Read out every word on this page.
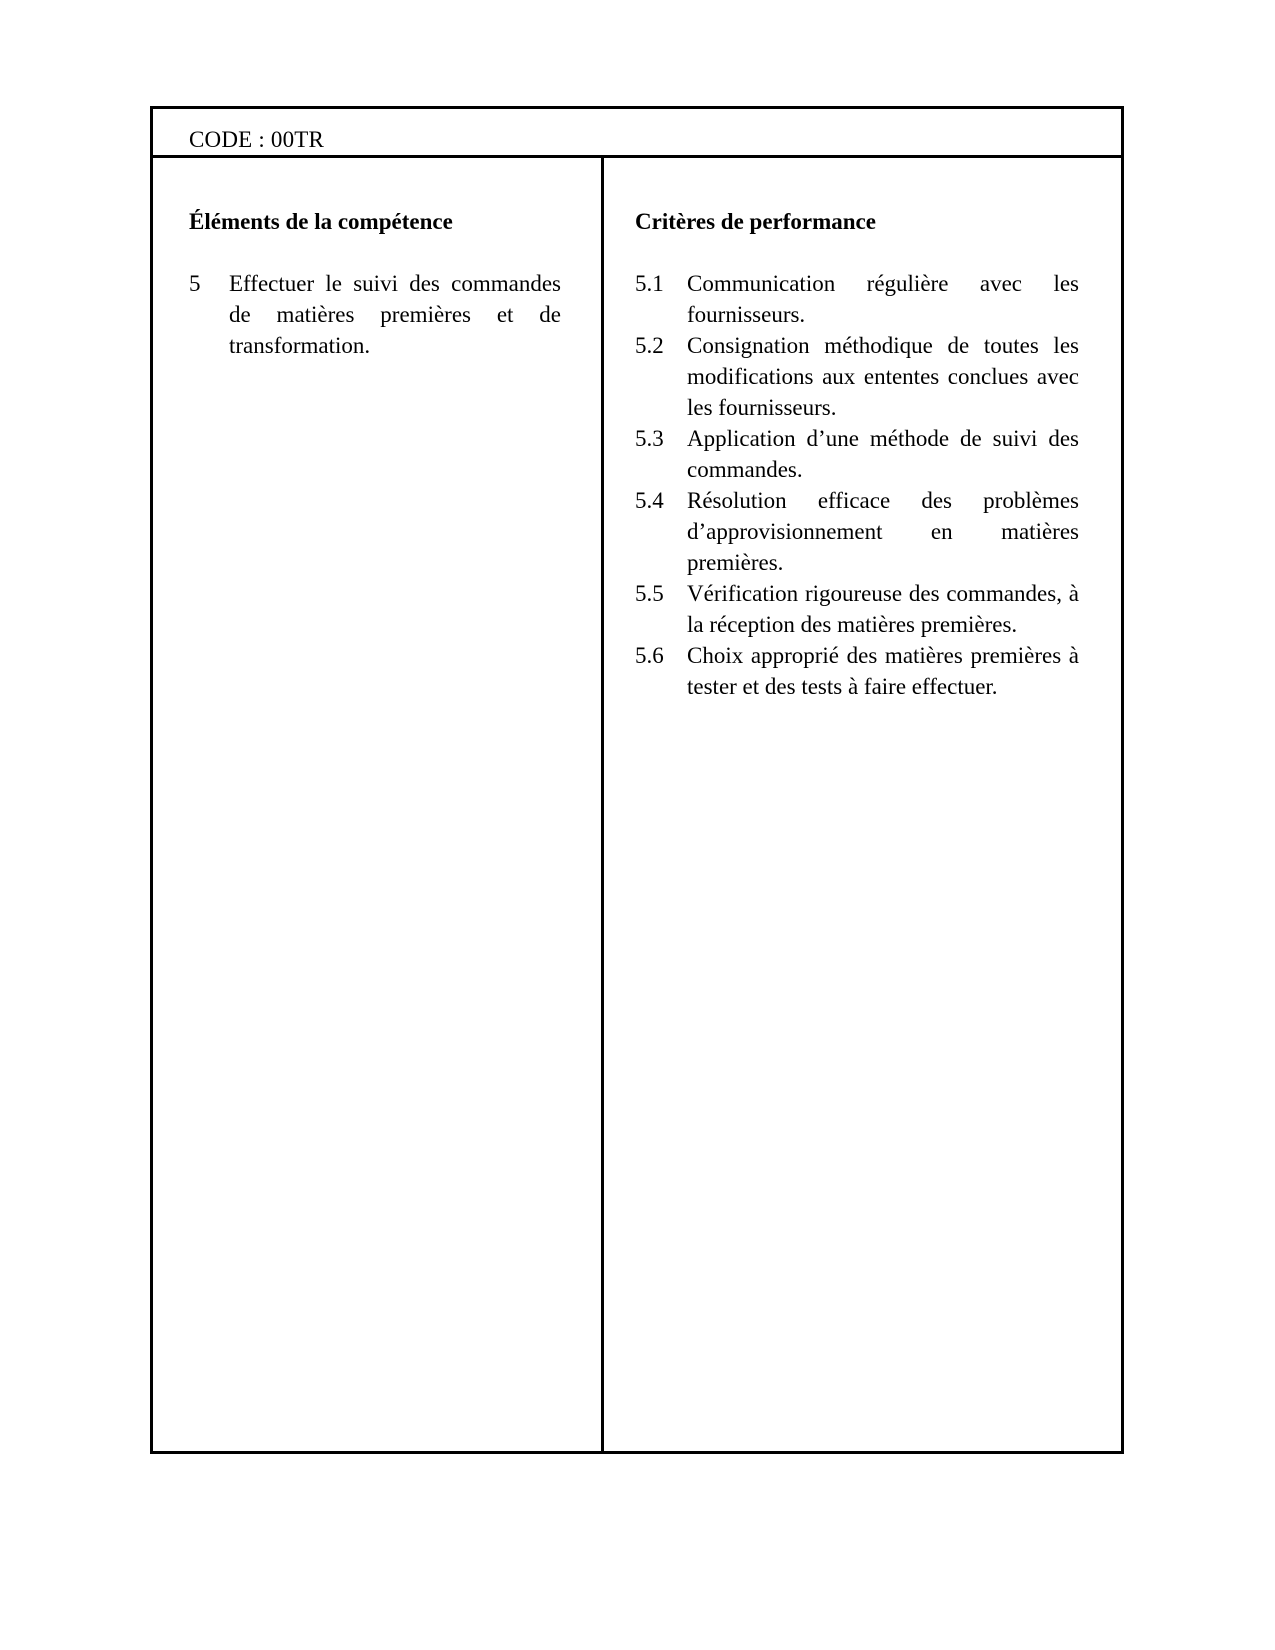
CODE : 00TR
Éléments de la compétence
5 Effectuer le suivi des commandes de matières premières et de transformation.
Critères de performance
5.1 Communication régulière avec les fournisseurs.
5.2 Consignation méthodique de toutes les modifications aux ententes conclues avec les fournisseurs.
5.3 Application d’une méthode de suivi des commandes.
5.4 Résolution efficace des problèmes d’approvisionnement en matières premières.
5.5 Vérification rigoureuse des commandes, à la réception des matières premières.
5.6 Choix approprié des matières premières à tester et des tests à faire effectuer.
